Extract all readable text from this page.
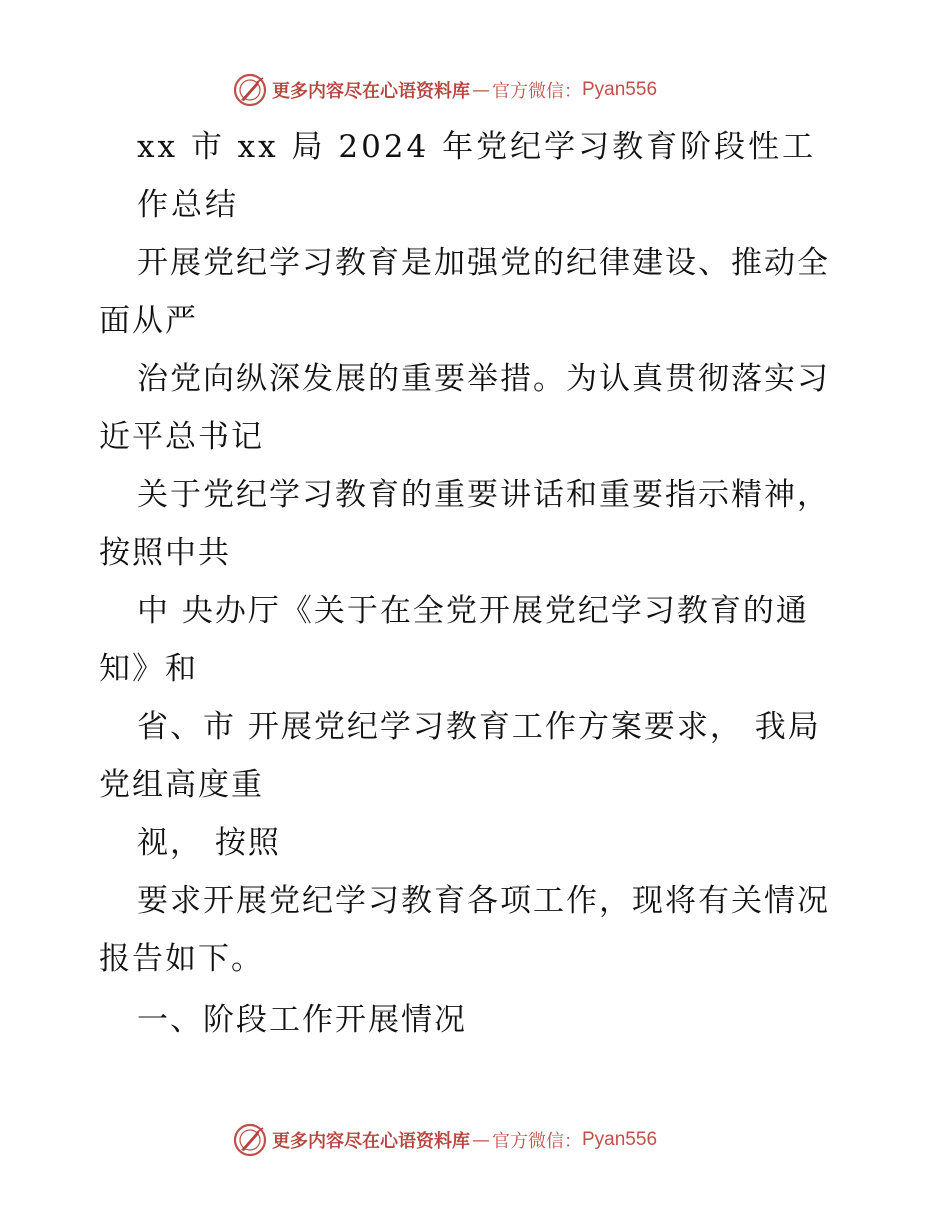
更多内容尽在心语资料库 — 官方微信： Pyan556
xx 市 xx 局 2024 年党纪学习教育阶段性工
作总结
开展党纪学习教育是加强党的纪律建设、推动全
面从严
治党向纵深发展的重要举措。为认真贯彻落实习
近平总书记
关于党纪学习教育的重要讲话和重要指示精神，
按照中共
中 央办厅《关于在全党开展党纪学习教育的通
知》和
省、市 开展党纪学习教育工作方案要求， 我局
党组高度重
视， 按照
要求开展党纪学习教育各项工作，现将有关情况
报告如下。
一、阶段工作开展情况
更多内容尽在心语资料库 — 官方微信： Pyan556
